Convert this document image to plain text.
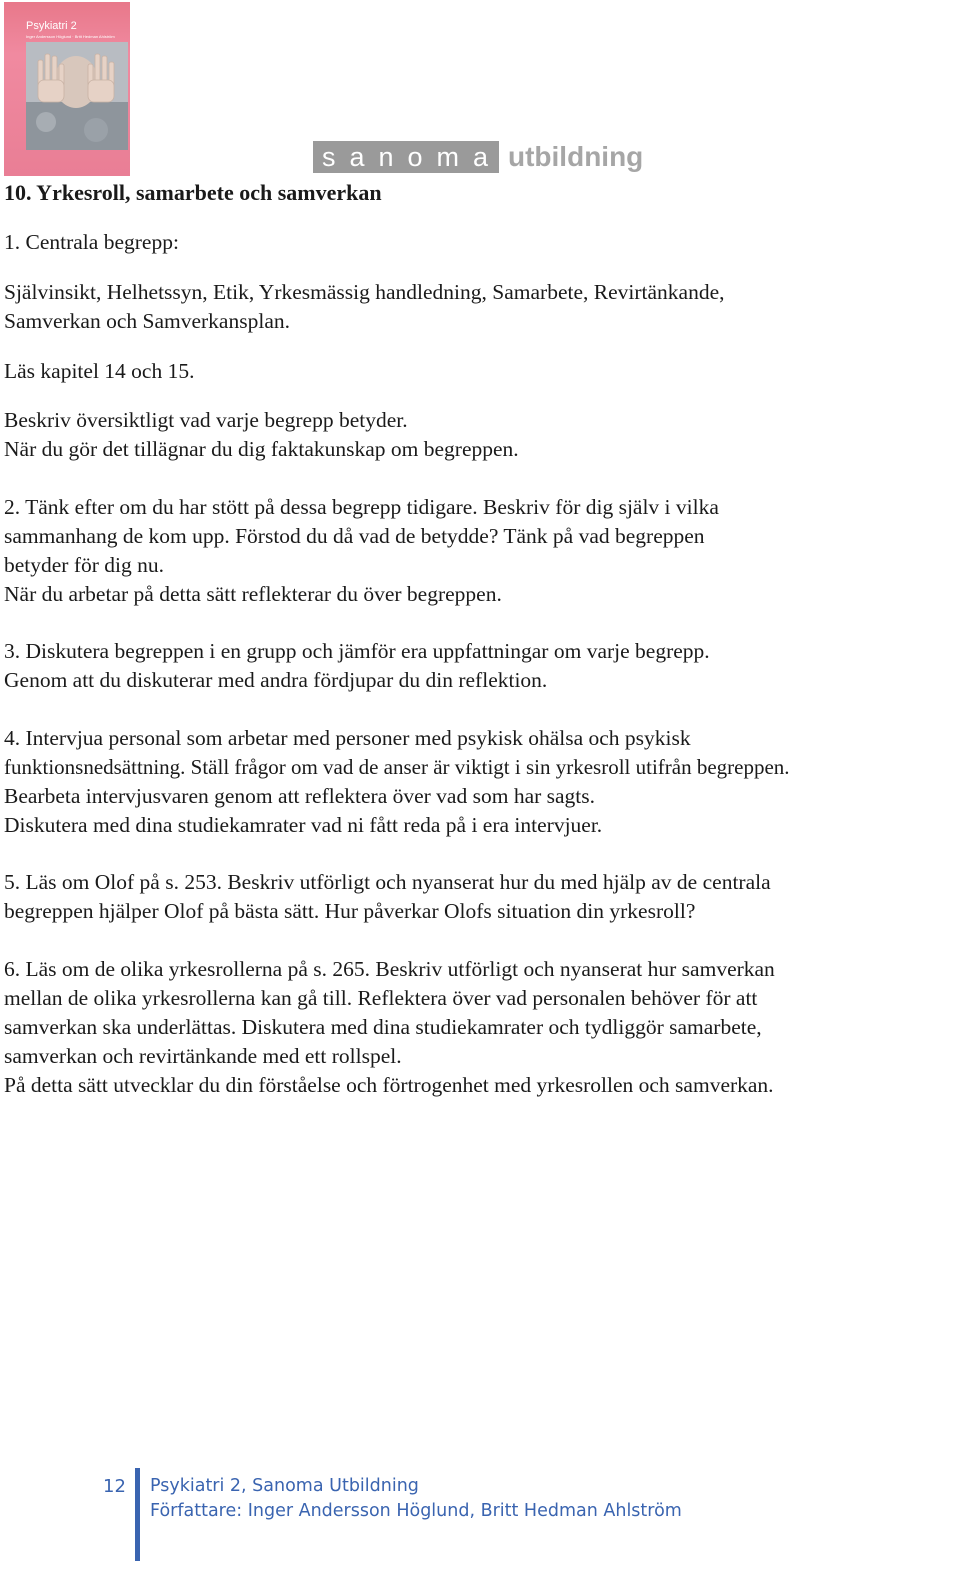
Psykiatri 2
Inger Andersson Höglund · Britt Hedman Ahlström
sanoma utbildning
10. Yrkesroll, samarbete och samverkan
1. Centrala begrepp:
Självinsikt, Helhetssyn, Etik, Yrkesmässig handledning, Samarbete, Revirtänkande,
Samverkan och Samverkansplan.
Läs kapitel 14 och 15.
Beskriv översiktligt vad varje begrepp betyder.
När du gör det tillägnar du dig faktakunskap om begreppen.
2. Tänk efter om du har stött på dessa begrepp tidigare. Beskriv för dig själv i vilka
sammanhang de kom upp. Förstod du då vad de betydde? Tänk på vad begreppen
betyder för dig nu.
När du arbetar på detta sätt reflekterar du över begreppen.
3. Diskutera begreppen i en grupp och jämför era uppfattningar om varje begrepp.
Genom att du diskuterar med andra fördjupar du din reflektion.
4. Intervjua personal som arbetar med personer med psykisk ohälsa och psykisk
funktionsnedsättning. Ställ frågor om vad de anser är viktigt i sin yrkesroll utifrån begreppen.
Bearbeta intervjusvaren genom att reflektera över vad som har sagts.
Diskutera med dina studiekamrater vad ni fått reda på i era intervjuer.
5. Läs om Olof på s. 253. Beskriv utförligt och nyanserat hur du med hjälp av de centrala
begreppen hjälper Olof på bästa sätt. Hur påverkar Olofs situation din yrkesroll?
6. Läs om de olika yrkesrollerna på s. 265. Beskriv utförligt och nyanserat hur samverkan
mellan de olika yrkesrollerna kan gå till. Reflektera över vad personalen behöver för att
samverkan ska underlättas. Diskutera med dina studiekamrater och tydliggör samarbete,
samverkan och revirtänkande med ett rollspel.
På detta sätt utvecklar du din förståelse och förtrogenhet med yrkesrollen och samverkan.
12 Psykiatri 2, Sanoma Utbildning
Författare: Inger Andersson Höglund, Britt Hedman Ahlström
